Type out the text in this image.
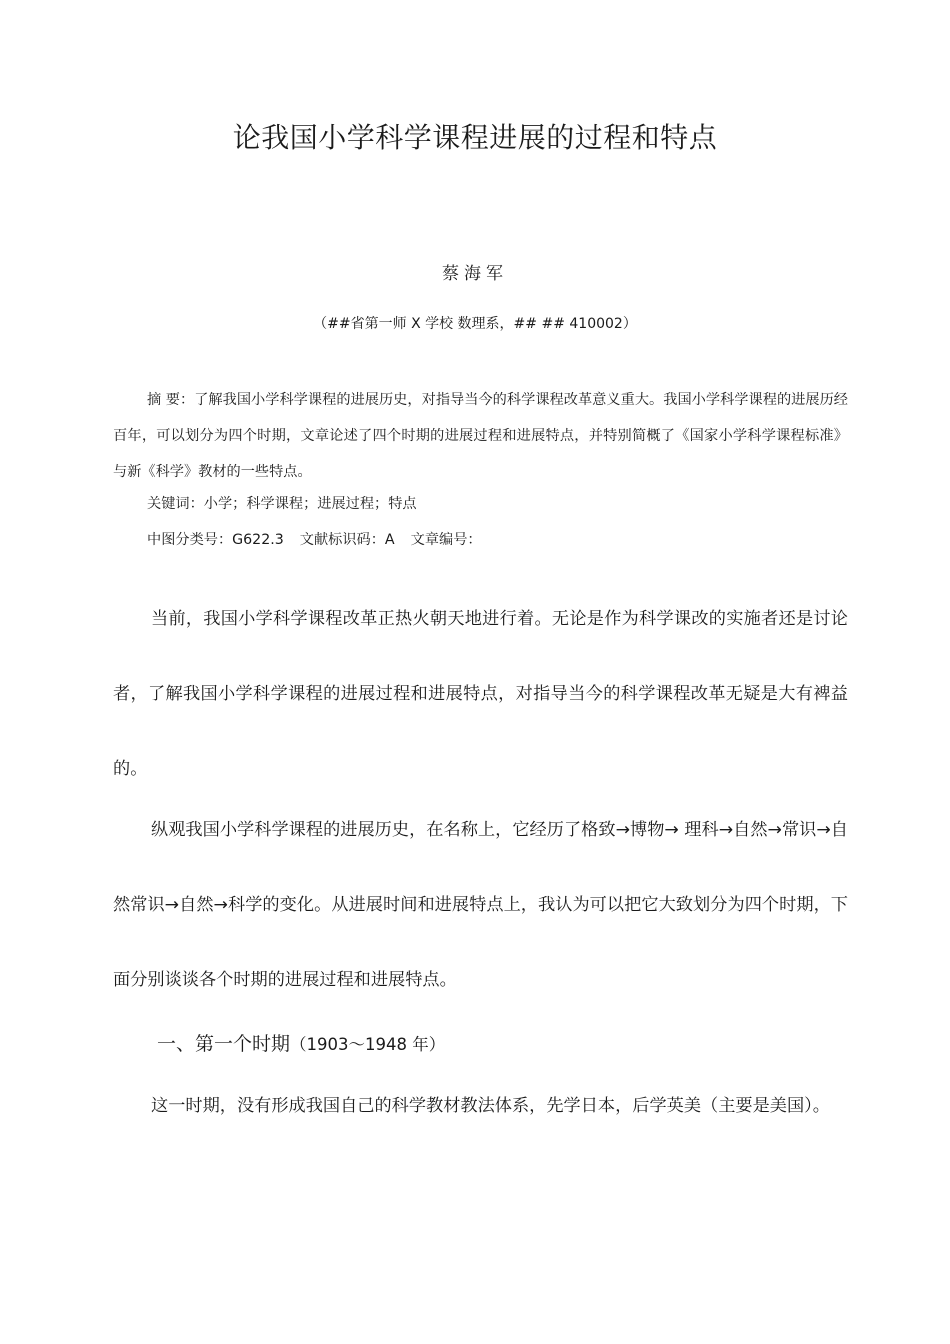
论我国小学科学课程进展的过程和特点
蔡海军
（##省第一师 X 学校 数理系，## ## 410002）

摘 要：了解我国小学科学课程的进展历史，对指导当今的科学课程改革意义重大。我国小学科学课程的进展历经百年，可以划分为四个时期，文章论述了四个时期的进展过程和进展特点，并特别简概了《国家小学科学课程标准》与新《科学》教材的一些特点。

关键词：小学；科学课程；进展过程；特点
中图分类号：G622.3 文献标识码：A 文章编号：

当前，我国小学科学课程改革正热火朝天地进行着。无论是作为科学课改的实施者还是讨论者，了解我国小学科学课程的进展过程和进展特点，对指导当今的科学课程改革无疑是大有裨益的。

纵观我国小学科学课程的进展历史，在名称上，它经历了格致→博物→ 理科→自然→常识→自然常识→自然→科学的变化。从进展时间和进展特点上，我认为可以把它大致划分为四个时期，下面分别谈谈各个时期的进展过程和进展特点。

一、第一个时期（1903～1948 年）

这一时期，没有形成我国自己的科学教材教法体系，先学日本，后学英美（主要是美国）。
